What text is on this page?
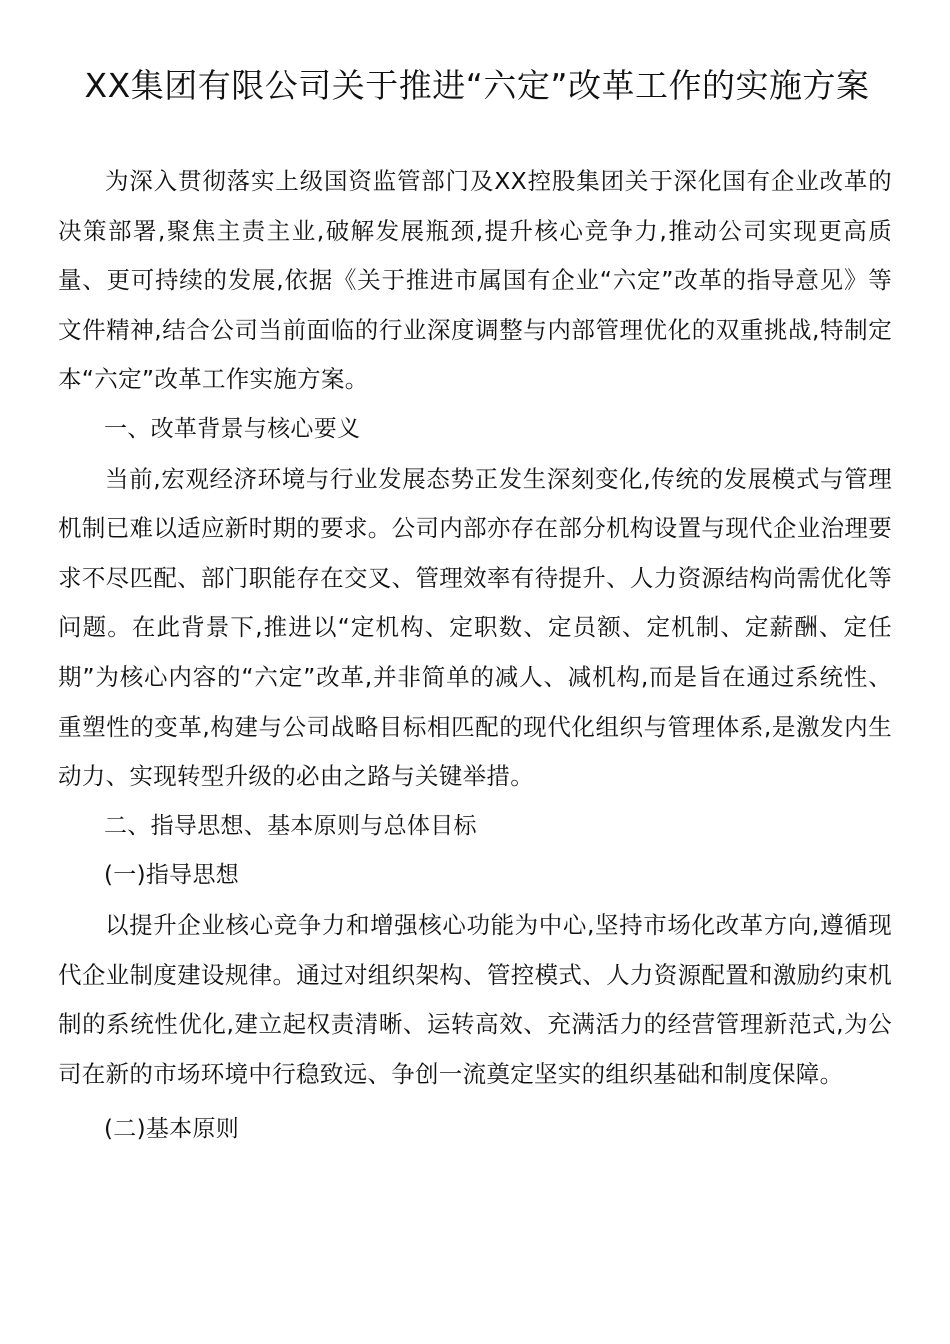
XX集团有限公司关于推进“六定”改革工作的实施方案

为深入贯彻落实上级国资监管部门及XX控股集团关于深化国有企业改革的决策部署,聚焦主责主业,破解发展瓶颈,提升核心竞争力,推动公司实现更高质量、更可持续的发展,依据《关于推进市属国有企业“六定”改革的指导意见》等文件精神,结合公司当前面临的行业深度调整与内部管理优化的双重挑战,特制定本“六定”改革工作实施方案。

一、改革背景与核心要义

当前,宏观经济环境与行业发展态势正发生深刻变化,传统的发展模式与管理机制已难以适应新时期的要求。公司内部亦存在部分机构设置与现代企业治理要求不尽匹配、部门职能存在交叉、管理效率有待提升、人力资源结构尚需优化等问题。在此背景下,推进以“定机构、定职数、定员额、定机制、定薪酬、定任期”为核心内容的“六定”改革,并非简单的减人、减机构,而是旨在通过系统性、重塑性的变革,构建与公司战略目标相匹配的现代化组织与管理体系,是激发内生动力、实现转型升级的必由之路与关键举措。

二、指导思想、基本原则与总体目标

(一)指导思想

以提升企业核心竞争力和增强核心功能为中心,坚持市场化改革方向,遵循现代企业制度建设规律。通过对组织架构、管控模式、人力资源配置和激励约束机制的系统性优化,建立起权责清晰、运转高效、充满活力的经营管理新范式,为公司在新的市场环境中行稳致远、争创一流奠定坚实的组织基础和制度保障。

(二)基本原则
